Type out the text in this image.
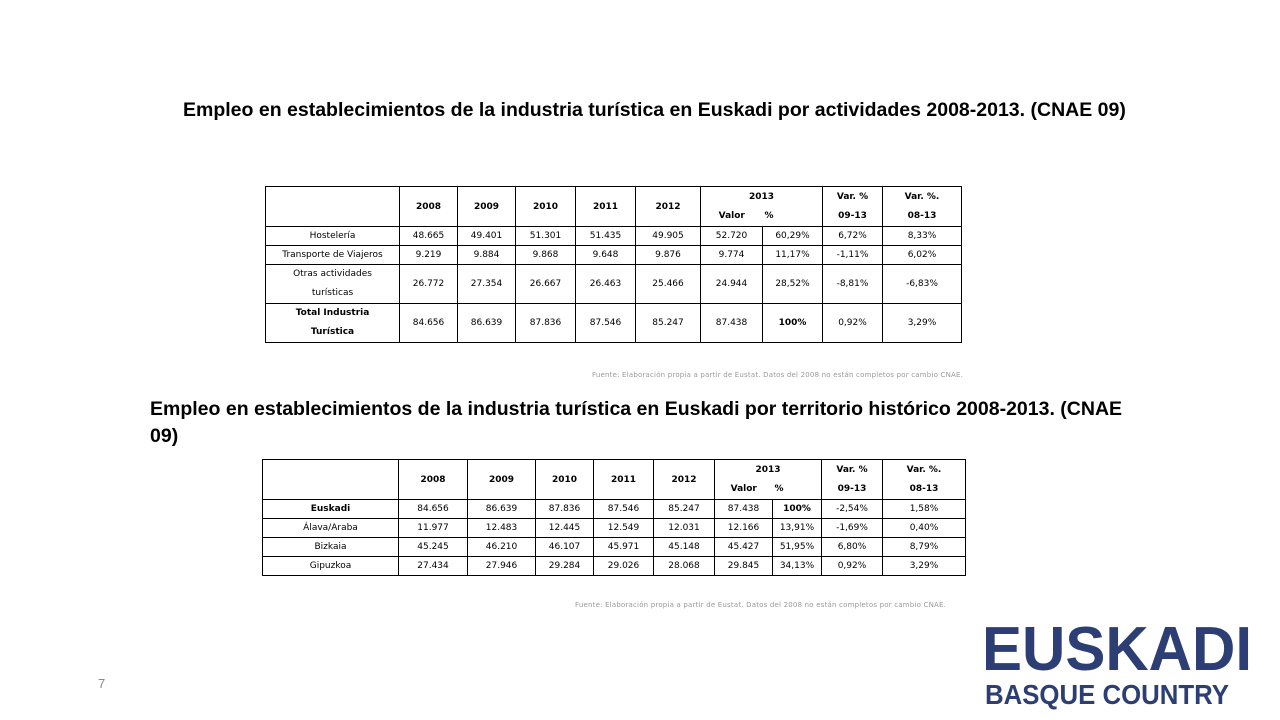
Empleo en establecimientos de la industria turística en Euskadi por actividades 2008-2013. (CNAE 09)
	2008	2009	2010	2011	2012	2013		Var. %	Var. %.
						Valor	%	09-13	08-13
Hostelería	48.665	49.401	51.301	51.435	49.905	52.720	60,29%	6,72%	8,33%
Transporte de Viajeros	9.219	9.884	9.868	9.648	9.876	9.774	11,17%	-1,11%	6,02%

Otras actividades
turísticas	26.772	27.354	26.667	26.463	25.466	24.944	28,52%	-8,81%	-6,83%

Total Industria
Turística	84.656	86.639	87.836	87.546	85.247	87.438	100%	0,92%	3,29%
Fuente: Elaboración propia a partir de Eustat. Datos del 2008 no están completos por cambio CNAE.
Empleo en establecimientos de la industria turística en Euskadi por territorio histórico 2008-2013. (CNAE 09)
	2008	2009	2010	2011	2012	2013		Var. %	Var. %.
						Valor	%	09-13	08-13
Euskadi	84.656	86.639	87.836	87.546	85.247	87.438	100%	-2,54%	1,58%
Álava/Araba	11.977	12.483	12.445	12.549	12.031	12.166	13,91%	-1,69%	0,40%
Bizkaia	45.245	46.210	46.107	45.971	45.148	45.427	51,95%	6,80%	8,79%
Gipuzkoa	27.434	27.946	29.284	29.026	28.068	29.845	34,13%	0,92%	3,29%
Fuente: Elaboración propia a partir de Eustat. Datos del 2008 no están completos por cambio CNAE.
7	EUSKADI
BASQUE COUNTRY
